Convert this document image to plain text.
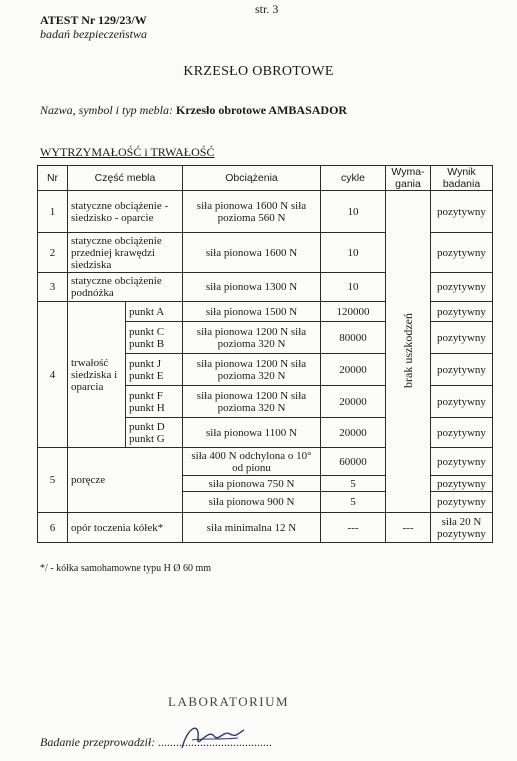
str. 3
ATEST Nr 129/23/W
badań bezpieczeństwa
KRZESŁO OBROTOWE
Nazwa, symbol i typ mebla: Krzesło obrotowe AMBASADOR
WYTRZYMAŁOŚĆ i TRWAŁOŚĆ
Nr	Część mebla		Obciążenia	cykle	Wyma-gania	Wynik badania
1	statyczne obciążenie - siedzisko - oparcie		siła pionowa 1600 N siła pozioma 560 N	10	brak uszkodzeń	pozytywny
2	statyczne obciążenie przedniej krawędzi siedziska		siła pionowa 1600 N	10		pozytywny
3	statyczne obciążenie podnóżka		siła pionowa 1300 N	10		pozytywny
4	trwałość siedziska i oparcia	punkt A	siła pionowa 1500 N	120000		pozytywny
		punkt C punkt B	siła pionowa 1200 N siła pozioma 320 N	80000		pozytywny
		punkt J punkt E	siła pionowa 1200 N siła pozioma 320 N	20000		pozytywny
		punkt F punkt H	siła pionowa 1200 N siła pozioma 320 N	20000		pozytywny
		punkt D punkt G	siła pionowa 1100 N	20000		pozytywny
5	poręcze		siła 400 N odchylona o 10° od pionu	60000		pozytywny
			siła pionowa 750 N	5		pozytywny
			siła pionowa 900 N	5		pozytywny
6	opór toczenia kółek*		siła minimalna 12 N	---	---	siła 20 N pozytywny
*/ - kółka samohamowne typu H Ø 60 mm
LABORATORIUM
Badanie przeprowadził: ......................................
